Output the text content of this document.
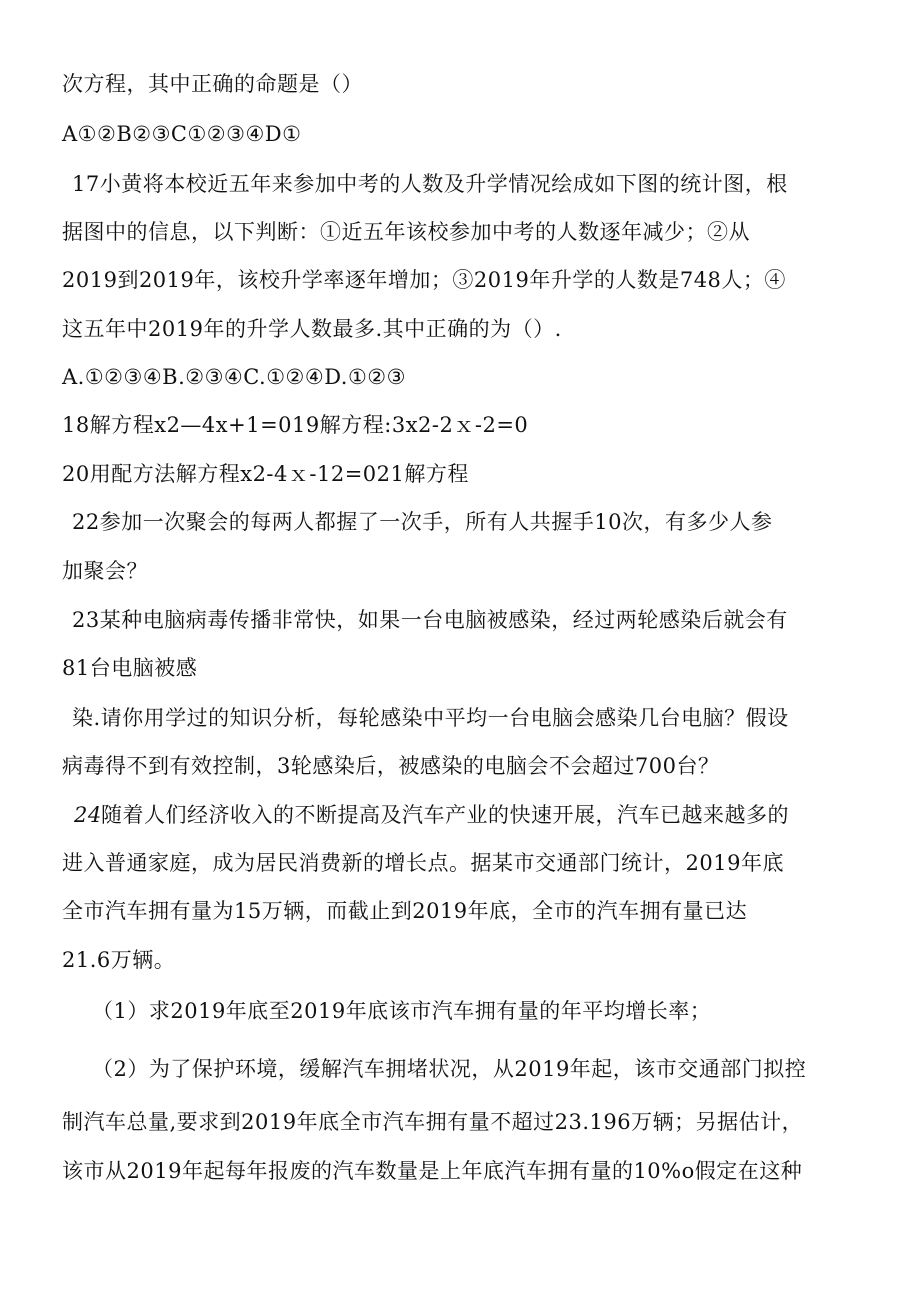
次方程，其中正确的命题是（）
A①②B②③C①②③④D①
17小黄将本校近五年来参加中考的人数及升学情况绘成如下图的统计图，根
据图中的信息，以下判断：①近五年该校参加中考的人数逐年减少；②从
2019到2019年，该校升学率逐年增加；③2019年升学的人数是748人；④
这五年中2019年的升学人数最多.其中正确的为（）.
A.①②③④B.②③④C.①②④D.①②③
18解方程x2—4x+1=019解方程:3x2-2ｘ-2=0
20用配方法解方程x2-4ｘ-12=021解方程
22参加一次聚会的每两人都握了一次手，所有人共握手10次，有多少人参
加聚会？
23某种电脑病毒传播非常快，如果一台电脑被感染，经过两轮感染后就会有
81台电脑被感
染.请你用学过的知识分析，每轮感染中平均一台电脑会感染几台电脑？假设
病毒得不到有效控制，3轮感染后，被感染的电脑会不会超过700台？
24 随着人们经济收入的不断提高及汽车产业的快速开展，汽车已越来越多的
进入普通家庭，成为居民消费新的增长点。据某市交通部门统计，2019年底
全市汽车拥有量为15万辆，而截止到2019年底，全市的汽车拥有量已达
21.6万辆。
（1）求2019年底至2019年底该市汽车拥有量的年平均增长率；
（2）为了保护环境，缓解汽车拥堵状况，从2019年起，该市交通部门拟控
制汽车总量,要求到2019年底全市汽车拥有量不超过23.196万辆；另据估计，
该市从2019年起每年报废的汽车数量是上年底汽车拥有量的10%o假定在这种
